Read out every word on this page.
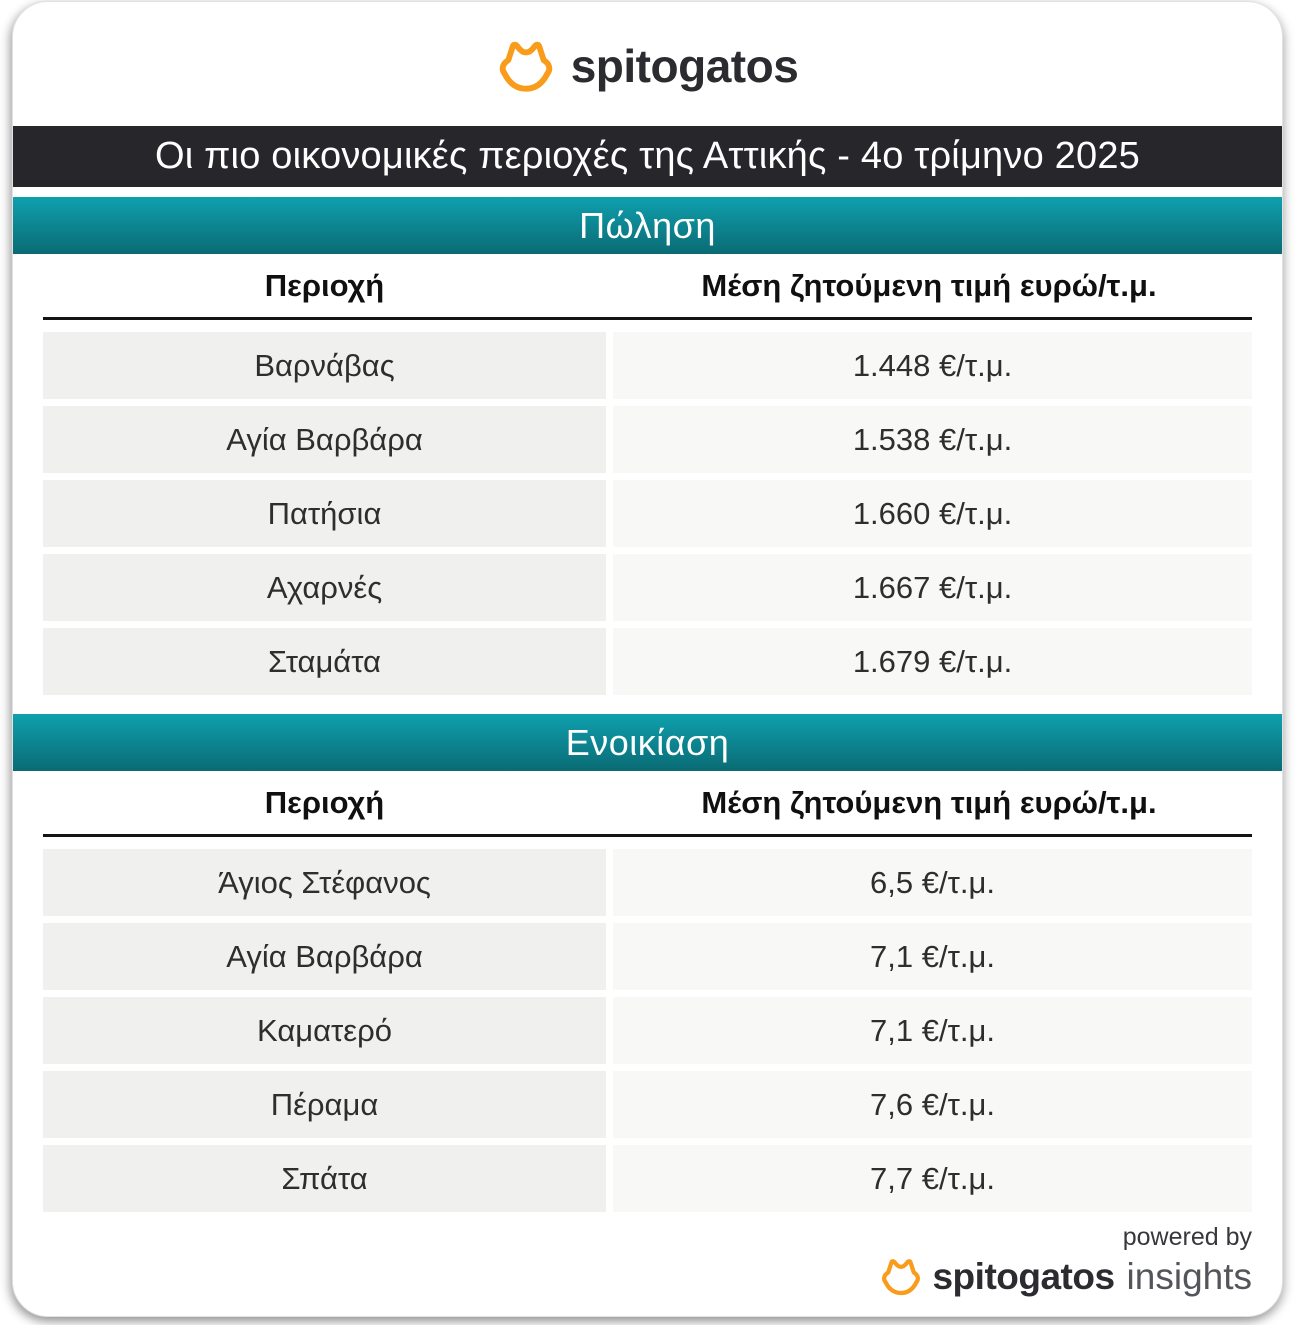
spitogatos
Οι πιο οικονομικές περιοχές της Αττικής - 4ο τρίμηνο 2025
Πώληση
Περιοχή	Μέση ζητούμενη τιμή ευρώ/τ.μ.
Βαρνάβας	1.448 €/τ.μ.
Αγία Βαρβάρα	1.538 €/τ.μ.
Πατήσια	1.660 €/τ.μ.
Αχαρνές	1.667 €/τ.μ.
Σταμάτα	1.679 €/τ.μ.
Ενοικίαση
Περιοχή	Μέση ζητούμενη τιμή ευρώ/τ.μ.
Άγιος Στέφανος	6,5 €/τ.μ.
Αγία Βαρβάρα	7,1 €/τ.μ.
Καματερό	7,1 €/τ.μ.
Πέραμα	7,6 €/τ.μ.
Σπάτα	7,7 €/τ.μ.
powered by
spitogatos insights
